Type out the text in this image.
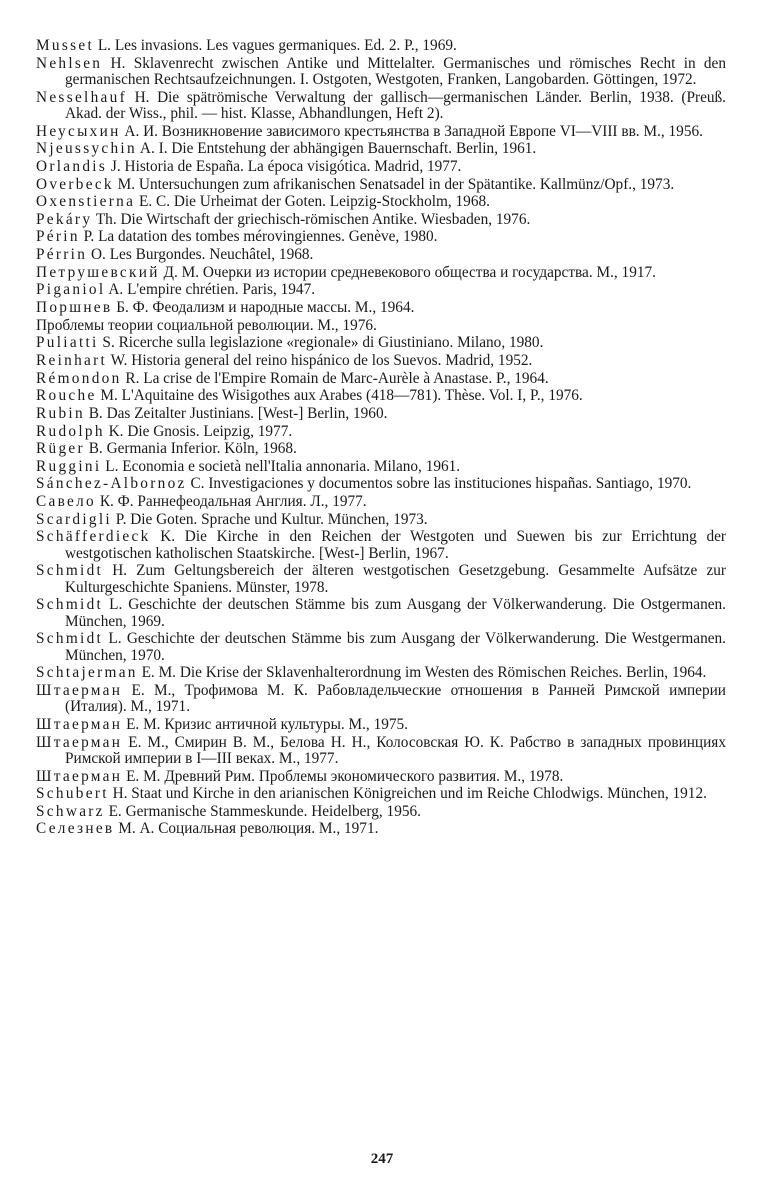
Musset L. Les invasions. Les vagues germaniques. Ed. 2. P., 1969.
Nehlsen H. Sklavenrecht zwischen Antike und Mittelalter. Germanisches und römisches Recht in den germanischen Rechtsaufzeichnungen. I. Ostgoten, Westgoten, Franken, Langobarden. Göttingen, 1972.
Nesselhauf H. Die spätrömische Verwaltung der gallisch—germanischen Länder. Berlin, 1938. (Preuß. Akad. der Wiss., phil. — hist. Klasse, Abhandlungen, Heft 2).
Неусыхин А. И. Возникновение зависимого крестьянства в Западной Европе VI—VIII вв. М., 1956.
Njeussychin A. I. Die Entstehung der abhängigen Bauernschaft. Berlin, 1961.
Orlandis J. Historia de España. La época visigótica. Madrid, 1977.
Overbeck M. Untersuchungen zum afrikanischen Senatsadel in der Spätantike. Kallmünz/Opf., 1973.
Oxenstierna E. C. Die Urheimat der Goten. Leipzig-Stockholm, 1968.
Pekáry Th. Die Wirtschaft der griechisch-römischen Antike. Wiesbaden, 1976.
Périn P. La datation des tombes mérovingiennes. Genève, 1980.
Pérrin O. Les Burgondes. Neuchâtel, 1968.
Петрушевский Д. М. Очерки из истории средневекового общества и государства. М., 1917.
Piganiol A. L'empire chrétien. Paris, 1947.
Поршнев Б. Ф. Феодализм и народные массы. М., 1964.
Проблемы теории социальной революции. М., 1976.
Puliatti S. Ricerche sulla legislazione «regionale» di Giustiniano. Milano, 1980.
Reinhart W. Historia general del reino hispánico de los Suevos. Madrid, 1952.
Rémondon R. La crise de l'Empire Romain de Marc-Aurèle à Anastase. P., 1964.
Rouche M. L'Aquitaine des Wisigothes aux Arabes (418—781). Thèse. Vol. I, P., 1976.
Rubin B. Das Zeitalter Justinians. [West-] Berlin, 1960.
Rudolph K. Die Gnosis. Leipzig, 1977.
Rüger B. Germania Inferior. Köln, 1968.
Ruggini L. Economia e società nell'Italia annonaria. Milano, 1961.
Sánchez-Albornoz C. Investigaciones y documentos sobre las instituciones hispañas. Santiago, 1970.
Савело К. Ф. Раннефеодальная Англия. Л., 1977.
Scardigli P. Die Goten. Sprache und Kultur. München, 1973.
Schäfferdieck K. Die Kirche in den Reichen der Westgoten und Suewen bis zur Errichtung der westgotischen katholischen Staatskirche. [West-] Berlin, 1967.
Schmidt H. Zum Geltungsbereich der älteren westgotischen Gesetzgebung. Gesammelte Aufsätze zur Kulturgeschichte Spaniens. Münster, 1978.
Schmidt L. Geschichte der deutschen Stämme bis zum Ausgang der Völkerwanderung. Die Ostgermanen. München, 1969.
Schmidt L. Geschichte der deutschen Stämme bis zum Ausgang der Völkerwanderung. Die Westgermanen. München, 1970.
Schtajerman E. M. Die Krise der Sklavenhalterordnung im Westen des Römischen Reiches. Berlin, 1964.
Штаерман Е. М., Трофимова М. К. Рабовладельческие отношения в Ранней Римской империи (Италия). М., 1971.
Штаерман Е. М. Кризис античной культуры. М., 1975.
Штаерман Е. М., Смирин В. М., Белова Н. Н., Колосовская Ю. К. Рабство в западных провинциях Римской империи в I—III веках. М., 1977.
Штаерман Е. М. Древний Рим. Проблемы экономического развития. М., 1978.
Schubert H. Staat und Kirche in den arianischen Königreichen und im Reiche Chlodwigs. München, 1912.
Schwarz E. Germanische Stammeskunde. Heidelberg, 1956.
Селезнев М. А. Социальная революция. М., 1971.
247
